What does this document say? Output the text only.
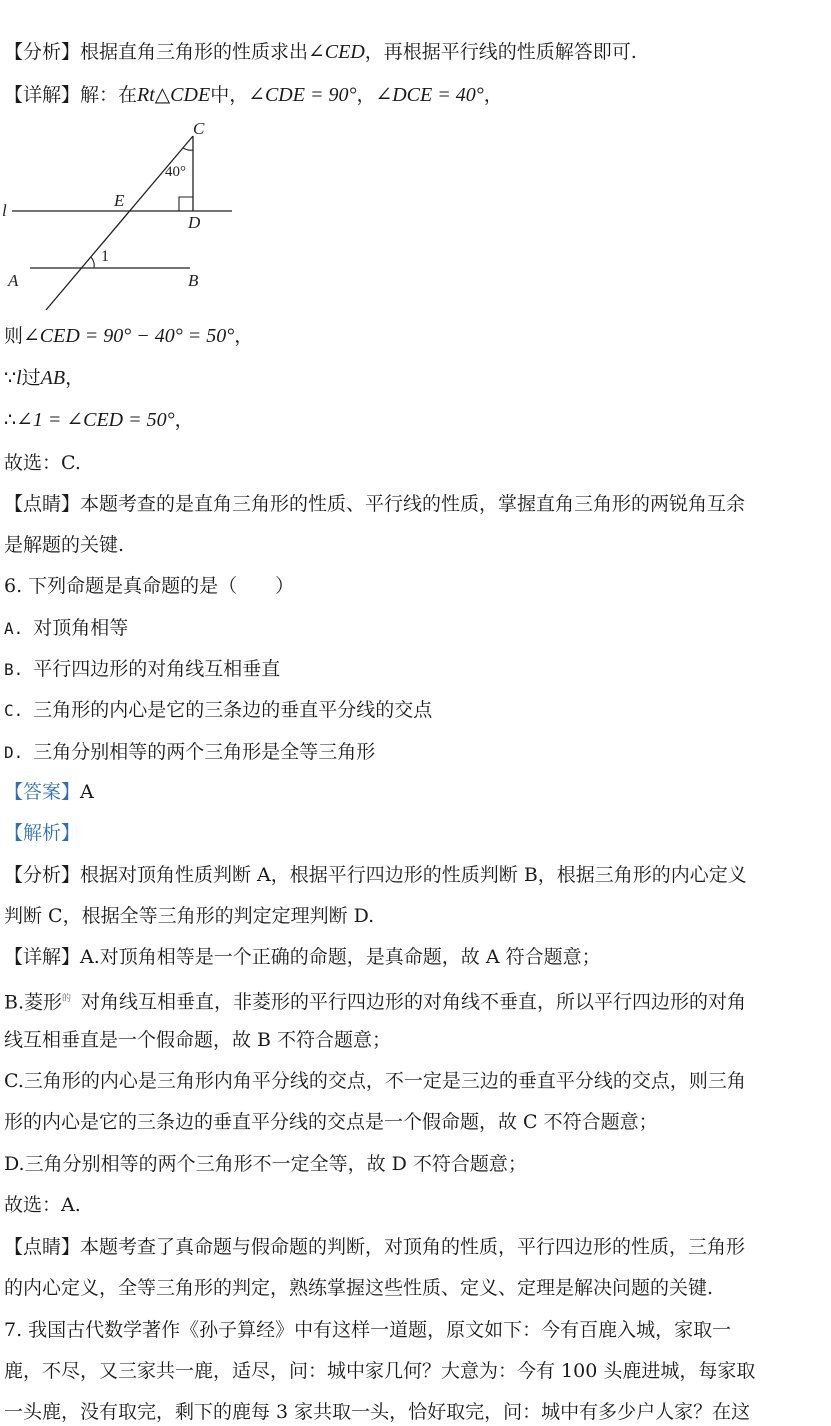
【分析】根据直角三角形的性质求出∠CED，再根据平行线的性质解答即可.
【详解】解：在Rt△CDE中，∠CDE = 90°，∠DCE = 40°，
C
40°
E
D
l
1
A	B
则∠CED = 90° − 40° = 50°，
∵l过AB，
∴∠1 = ∠CED = 50°，
故选：C.
【点睛】本题考查的是直角三角形的性质、平行线的性质，掌握直角三角形的两锐角互余
是解题的关键.
6. 下列命题是真命题的是（　　）
A. 对顶角相等
B. 平行四边形的对角线互相垂直
C. 三角形的内心是它的三条边的垂直平分线的交点
D. 三角分别相等的两个三角形是全等三角形
【答案】A
【解析】
【分析】根据对顶角性质判断 A，根据平行四边形的性质判断 B，根据三角形的内心定义
判断 C，根据全等三角形的判定定理判断 D.
【详解】A.对顶角相等是一个正确的命题，是真命题，故 A 符合题意；
B.菱形$^的$ 对角线互相垂直，非菱形的平行四边形的对角线不垂直，所以平行四边形的对角
线互相垂直是一个假命题，故 B 不符合题意；
C.三角形的内心是三角形内角平分线的交点，不一定是三边的垂直平分线的交点，则三角
形的内心是它的三条边的垂直平分线的交点是一个假命题，故 C 不符合题意；
D.三角分别相等的两个三角形不一定全等，故 D 不符合题意；
故选：A.
【点睛】本题考查了真命题与假命题的判断，对顶角的性质，平行四边形的性质，三角形
的内心定义，全等三角形的判定，熟练掌握这些性质、定义、定理是解决问题的关键.
7. 我国古代数学著作《孙子算经》中有这样一道题，原文如下：今有百鹿入城，家取一
鹿，不尽，又三家共一鹿，适尽，问：城中家几何？大意为：今有 100 头鹿进城，每家取
一头鹿，没有取完，剩下的鹿每 3 家共取一头，恰好取完，问：城中有多少户人家？在这
